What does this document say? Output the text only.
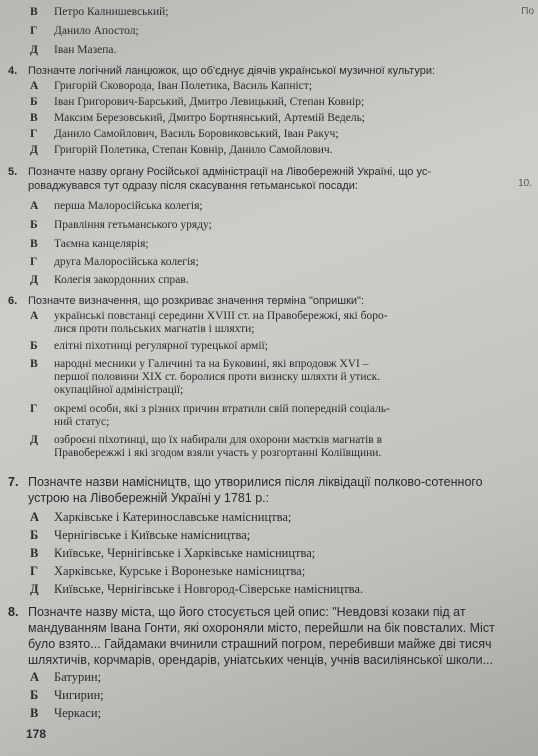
В Петро Калнишевський;
Г Данило Апостол;
Д Іван Мазепа.
4. Позначте логічний ланцюжок, що об'єднує діячів української музичної культури:
А Григорій Сковорода, Іван Полетика, Василь Капніст;
Б Іван Григорович-Барський, Дмитро Левицький, Степан Ковнір;
В Максим Березовський, Дмитро Бортнянський, Артемій Ведель;
Г Данило Самойлович, Василь Боровиковський, Іван Ракуч;
Д Григорій Полетика, Степан Ковнір, Данило Самойлович.
5. Позначте назву органу Російської адміністрації на Лівобережній Україні, що ус-
роваджувався тут одразу після скасування гетьманської посади:
А перша Малоросійська колегія;
Б Правління гетьманського уряду;
В Таємна канцелярія;
Г друга Малоросійська колегія;
Д Колегія закордонних справ.
6. Позначте визначення, що розкриває значення терміна "опришки":
А українські повстанці середини XVIII ст. на Правобережжі, які боро-
лися проти польських магнатів і шляхти;
Б елітні піхотинці регулярної турецької армії;
В народні месники у Галичині та на Буковині, які впродовж XVI –
першої половини XIX ст. боролися проти визиску шляхти й утиск.
окупаційної адміністрації;
Г окремі особи, які з різних причин втратили свій попередній соціаль-
ний статус;
Д озброєні піхотинці, що їх набирали для охорони маєтків магнатів в
Правобережжі і які згодом взяли участь у розгортанні Коліївщини.
7. Позначте назви намісництв, що утворилися після ліквідації полково-сотенного
устрою на Лівобережній Україні у 1781 р.:
А Харківське і Катеринославське намісництва;
Б Чернігівське і Київське намісництва;
В Київське, Чернігівське і Харківське намісництва;
Г Харківське, Курське і Воронезьке намісництва;
Д Київське, Чернігівське і Новгород-Сіверське намісництва.
8. Позначте назву міста, що його стосується цей опис: "Невдовзі козаки під ат
мандуванням Івана Гонти, які охороняли місто, перейшли на бік повсталих. Міст
було взято... Гайдамаки вчинили страшний погром, перебивши майже дві тисяч
шляхтичів, корчмарів, орендарів, уніатських ченців, учнів василіянської школи...
А Батурин;
Б Чигирин;
В Черкаси;
178
По
10.
